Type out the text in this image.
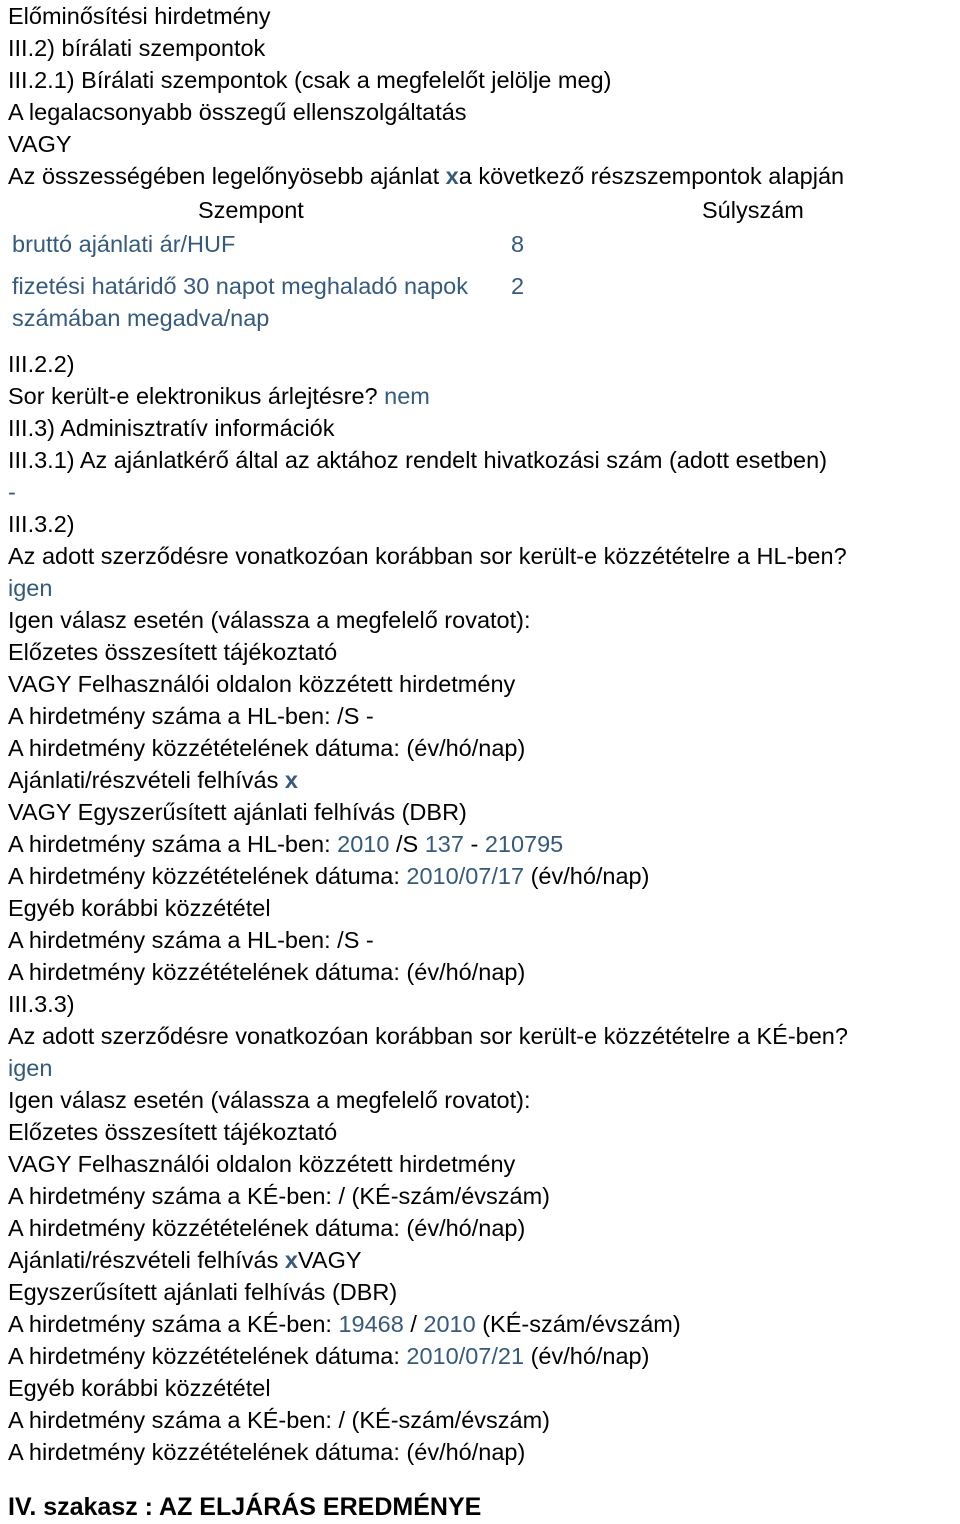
Előminősítési hirdetmény
III.2) bírálati szempontok
III.2.1) Bírálati szempontok (csak a megfelelőt jelölje meg)
A legalacsonyabb összegű ellenszolgáltatás
VAGY
Az összességében legelőnyösebb ajánlat xa következő részszempontok alapján
Szempont	Súlyszám
bruttó ajánlati ár/HUF	8
fizetési határidő 30 napot meghaladó napok számában megadva/nap
2
III.2.2)
Sor került-e elektronikus árlejtésre? nem
III.3) Adminisztratív információk
III.3.1) Az ajánlatkérő által az aktához rendelt hivatkozási szám (adott esetben)
-
III.3.2)
Az adott szerződésre vonatkozóan korábban sor került-e közzétételre a HL-ben?
igen
Igen válasz esetén (válassza a megfelelő rovatot):
Előzetes összesített tájékoztató
VAGY Felhasználói oldalon közzétett hirdetmény
A hirdetmény száma a HL-ben: /S -
A hirdetmény közzétételének dátuma: (év/hó/nap)
Ajánlati/részvételi felhívás x
VAGY Egyszerűsített ajánlati felhívás (DBR)
A hirdetmény száma a HL-ben: 2010 /S 137 - 210795
A hirdetmény közzétételének dátuma: 2010/07/17 (év/hó/nap)
Egyéb korábbi közzététel
A hirdetmény száma a HL-ben: /S -
A hirdetmény közzétételének dátuma: (év/hó/nap)
III.3.3)
Az adott szerződésre vonatkozóan korábban sor került-e közzétételre a KÉ-ben?
igen
Igen válasz esetén (válassza a megfelelő rovatot):
Előzetes összesített tájékoztató
VAGY Felhasználói oldalon közzétett hirdetmény
A hirdetmény száma a KÉ-ben: / (KÉ-szám/évszám)
A hirdetmény közzétételének dátuma: (év/hó/nap)
Ajánlati/részvételi felhívás xVAGY
Egyszerűsített ajánlati felhívás (DBR)
A hirdetmény száma a KÉ-ben: 19468 / 2010 (KÉ-szám/évszám)
A hirdetmény közzétételének dátuma: 2010/07/21 (év/hó/nap)
Egyéb korábbi közzététel
A hirdetmény száma a KÉ-ben: / (KÉ-szám/évszám)
A hirdetmény közzétételének dátuma: (év/hó/nap)
IV. szakasz : AZ ELJÁRÁS EREDMÉNYE
